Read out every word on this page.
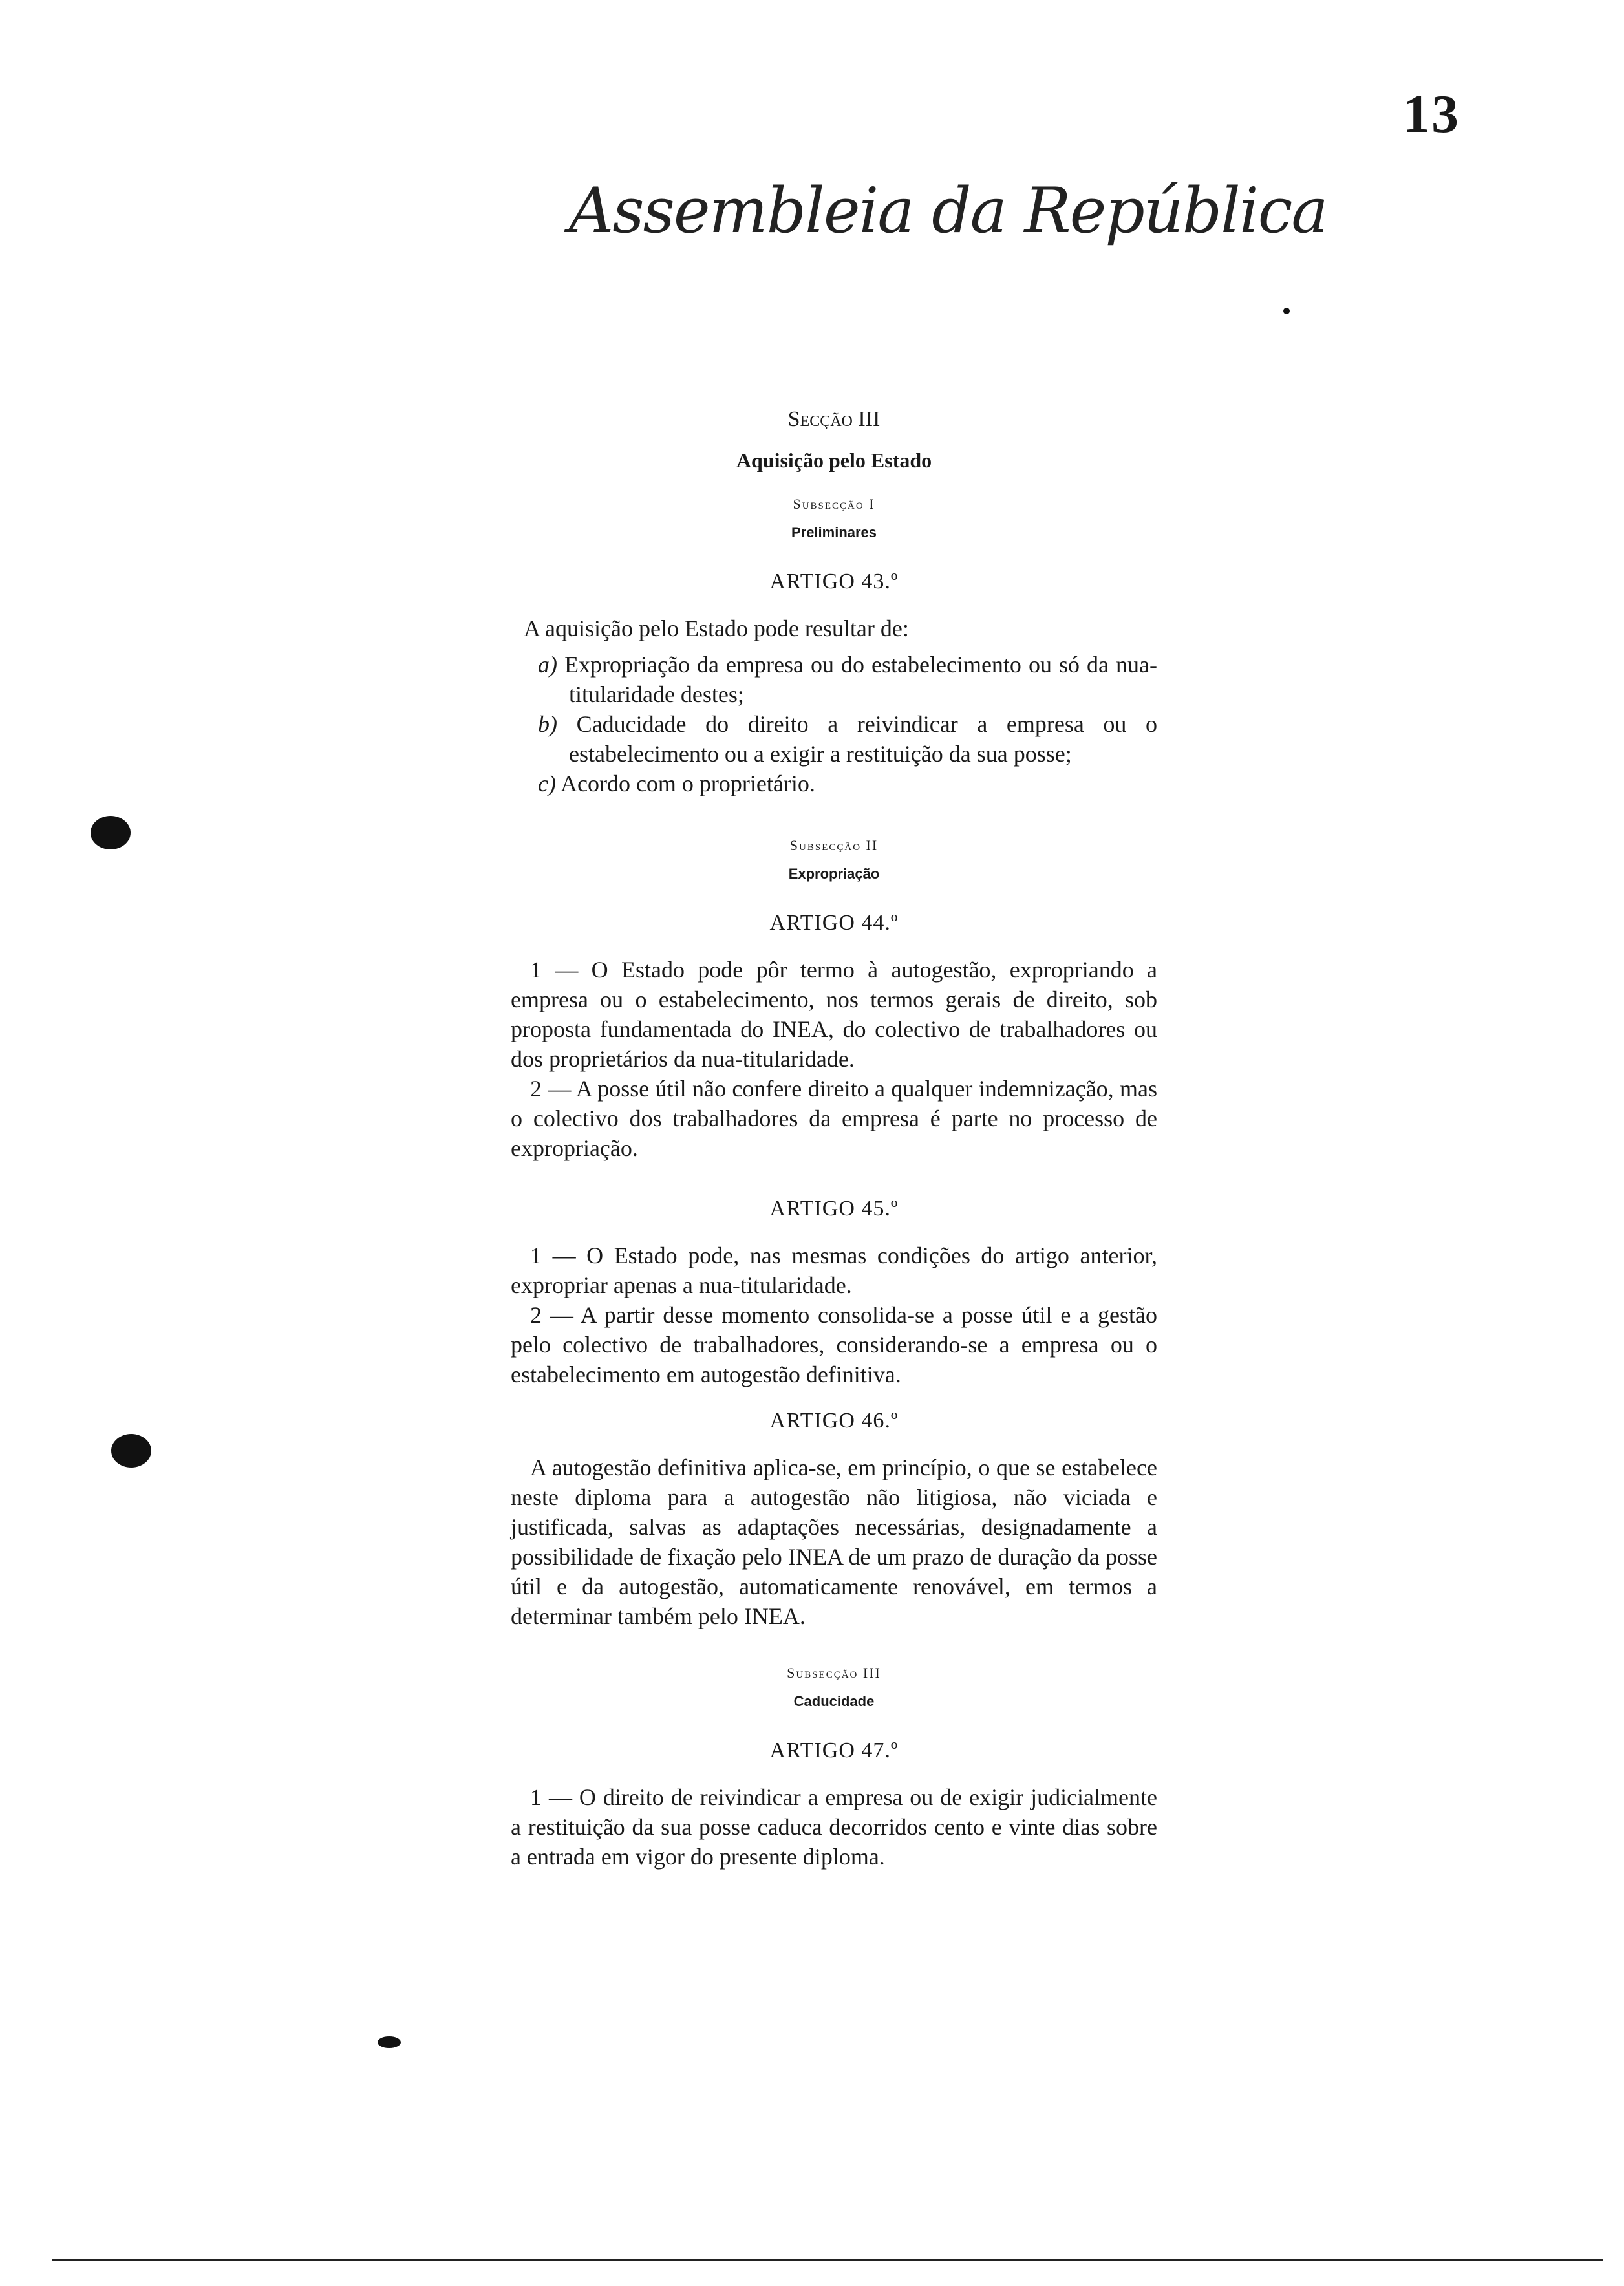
13
Assembleia da República
Secção III
Aquisição pelo Estado
Subsecção I
Preliminares
ARTIGO 43.º

A aquisição pelo Estado pode resultar de:

a) Expropriação da empresa ou do estabelecimento ou só da nua-titularidade destes;
b) Caducidade do direito a reivindicar a empresa ou o estabelecimento ou a exigir a restituição da sua posse;
c) Acordo com o proprietário.
Subsecção II
Expropriação
ARTIGO 44.º

1 — O Estado pode pôr termo à autogestão, expropriando a empresa ou o estabelecimento, nos termos gerais de direito, sob proposta fundamentada do INEA, do colectivo de trabalhadores ou dos proprietários da nua-titularidade.

2 — A posse útil não confere direito a qualquer indemnização, mas o colectivo dos trabalhadores da empresa é parte no processo de expropriação.

ARTIGO 45.º

1 — O Estado pode, nas mesmas condições do artigo anterior, expropriar apenas a nua-titularidade.

2 — A partir desse momento consolida-se a posse útil e a gestão pelo colectivo de trabalhadores, considerando-se a empresa ou o estabelecimento em autogestão definitiva.

ARTIGO 46.º

A autogestão definitiva aplica-se, em princípio, o que se estabelece neste diploma para a autogestão não litigiosa, não viciada e justificada, salvas as adaptações necessárias, designadamente a possibilidade de fixação pelo INEA de um prazo de duração da posse útil e da autogestão, automaticamente renovável, em termos a determinar também pelo INEA.

Subsecção III
Caducidade
ARTIGO 47.º

1 — O direito de reivindicar a empresa ou de exigir judicialmente a restituição da sua posse caduca decorridos cento e vinte dias sobre a entrada em vigor do presente diploma.
